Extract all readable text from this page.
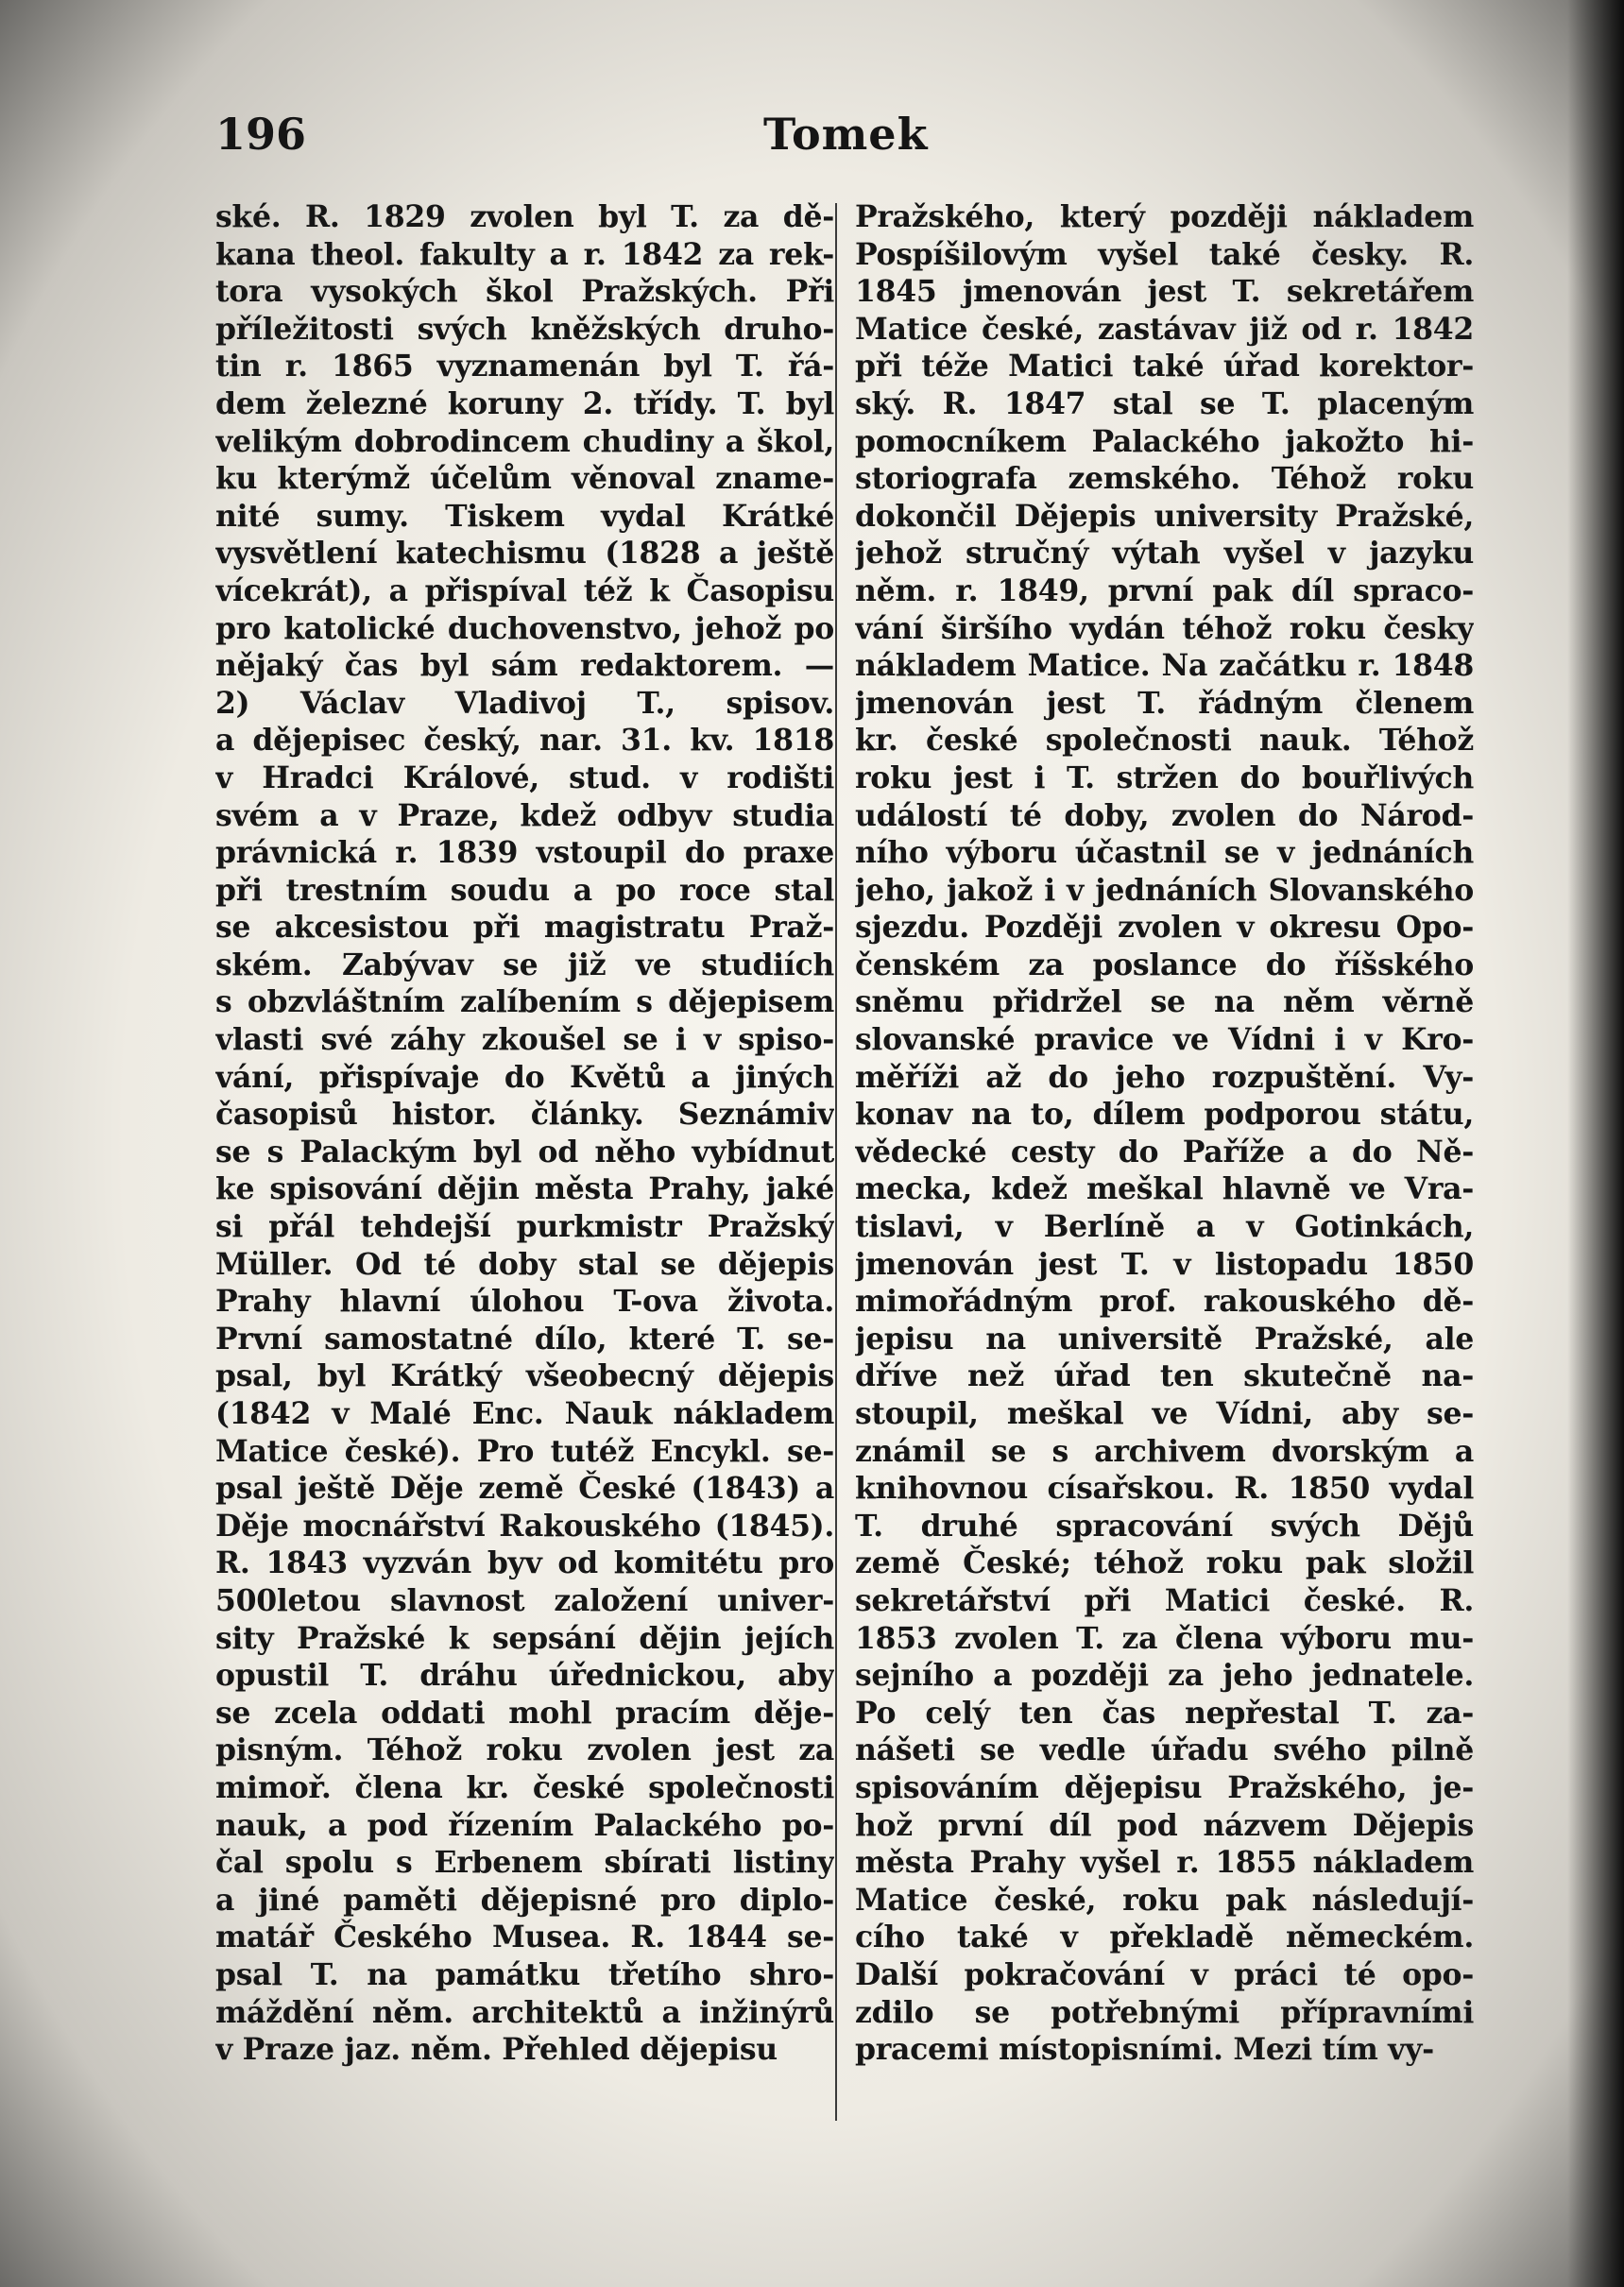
196	Tomek
ské. R. 1829 zvolen byl T. za dě-
kana theol. fakulty a r. 1842 za rek-
tora vysokých škol Pražských. Při
příležitosti svých kněžských druho-
tin r. 1865 vyznamenán byl T. řá-
dem železné koruny 2. třídy. T. byl
velikým dobrodincem chudiny a škol,
ku kterýmž účelům věnoval zname-
nité sumy. Tiskem vydal Krátké
vysvětlení katechismu (1828 a ještě
vícekrát), a přispíval též k Časopisu
pro katolické duchovenstvo, jehož po
nějaký čas byl sám redaktorem. —
2) Václav Vladivoj T., spisov.
a dějepisec český, nar. 31. kv. 1818
v Hradci Králové, stud. v rodišti
svém a v Praze, kdež odbyv studia
právnická r. 1839 vstoupil do praxe
při trestním soudu a po roce stal
se akcesistou při magistratu Praž-
ském. Zabývav se již ve studiích
s obzvláštním zalíbením s dějepisem
vlasti své záhy zkoušel se i v spiso-
vání, přispívaje do Květů a jiných
časopisů histor. články. Seznámiv
se s Palackým byl od něho vybídnut
ke spisování dějin města Prahy, jaké
si přál tehdejší purkmistr Pražský
Müller. Od té doby stal se dějepis
Prahy hlavní úlohou T-ova života.
První samostatné dílo, které T. se-
psal, byl Krátký všeobecný dějepis
(1842 v Malé Enc. Nauk nákladem
Matice české). Pro tutéž Encykl. se-
psal ještě Děje země České (1843) a
Děje mocnářství Rakouského (1845).
R. 1843 vyzván byv od komitétu pro
500letou slavnost založení univer-
sity Pražské k sepsání dějin jejích
opustil T. dráhu úřednickou, aby
se zcela oddati mohl pracím děje-
pisným. Téhož roku zvolen jest za
mimoř. člena kr. české společnosti
nauk, a pod řízením Palackého po-
čal spolu s Erbenem sbírati listiny
a jiné paměti dějepisné pro diplo-
matář Českého Musea. R. 1844 se-
psal T. na památku třetího shro-
máždění něm. architektů a inžinýrů
v Praze jaz. něm. Přehled dějepisu
Pražského, který později nákladem
Pospíšilovým vyšel také česky. R.
1845 jmenován jest T. sekretářem
Matice české, zastávav již od r. 1842
při téže Matici také úřad korektor-
ský. R. 1847 stal se T. placeným
pomocníkem Palackého jakožto hi-
storiografa zemského. Téhož roku
dokončil Dějepis university Pražské,
jehož stručný výtah vyšel v jazyku
něm. r. 1849, první pak díl spraco-
vání širšího vydán téhož roku česky
nákladem Matice. Na začátku r. 1848
jmenován jest T. řádným členem
kr. české společnosti nauk. Téhož
roku jest i T. stržen do bouřlivých
událostí té doby, zvolen do Národ-
ního výboru účastnil se v jednáních
jeho, jakož i v jednáních Slovanského
sjezdu. Později zvolen v okresu Opo-
čenském za poslance do říšského
sněmu přidržel se na něm věrně
slovanské pravice ve Vídni i v Kro-
měříži až do jeho rozpuštění. Vy-
konav na to, dílem podporou státu,
vědecké cesty do Paříže a do Ně-
mecka, kdež meškal hlavně ve Vra-
tislavi, v Berlíně a v Gotinkách,
jmenován jest T. v listopadu 1850
mimořádným prof. rakouského dě-
jepisu na universitě Pražské, ale
dříve než úřad ten skutečně na-
stoupil, meškal ve Vídni, aby se-
známil se s archivem dvorským a
knihovnou císařskou. R. 1850 vydal
T. druhé spracování svých Dějů
země České; téhož roku pak složil
sekretářství při Matici české. R.
1853 zvolen T. za člena výboru mu-
sejního a později za jeho jednatele.
Po celý ten čas nepřestal T. za-
nášeti se vedle úřadu svého pilně
spisováním dějepisu Pražského, je-
hož první díl pod názvem Dějepis
města Prahy vyšel r. 1855 nákladem
Matice české, roku pak následují-
cího také v překladě německém.
Další pokračování v práci té opo-
zdilo se potřebnými přípravními
pracemi místopisními. Mezi tím vy-
